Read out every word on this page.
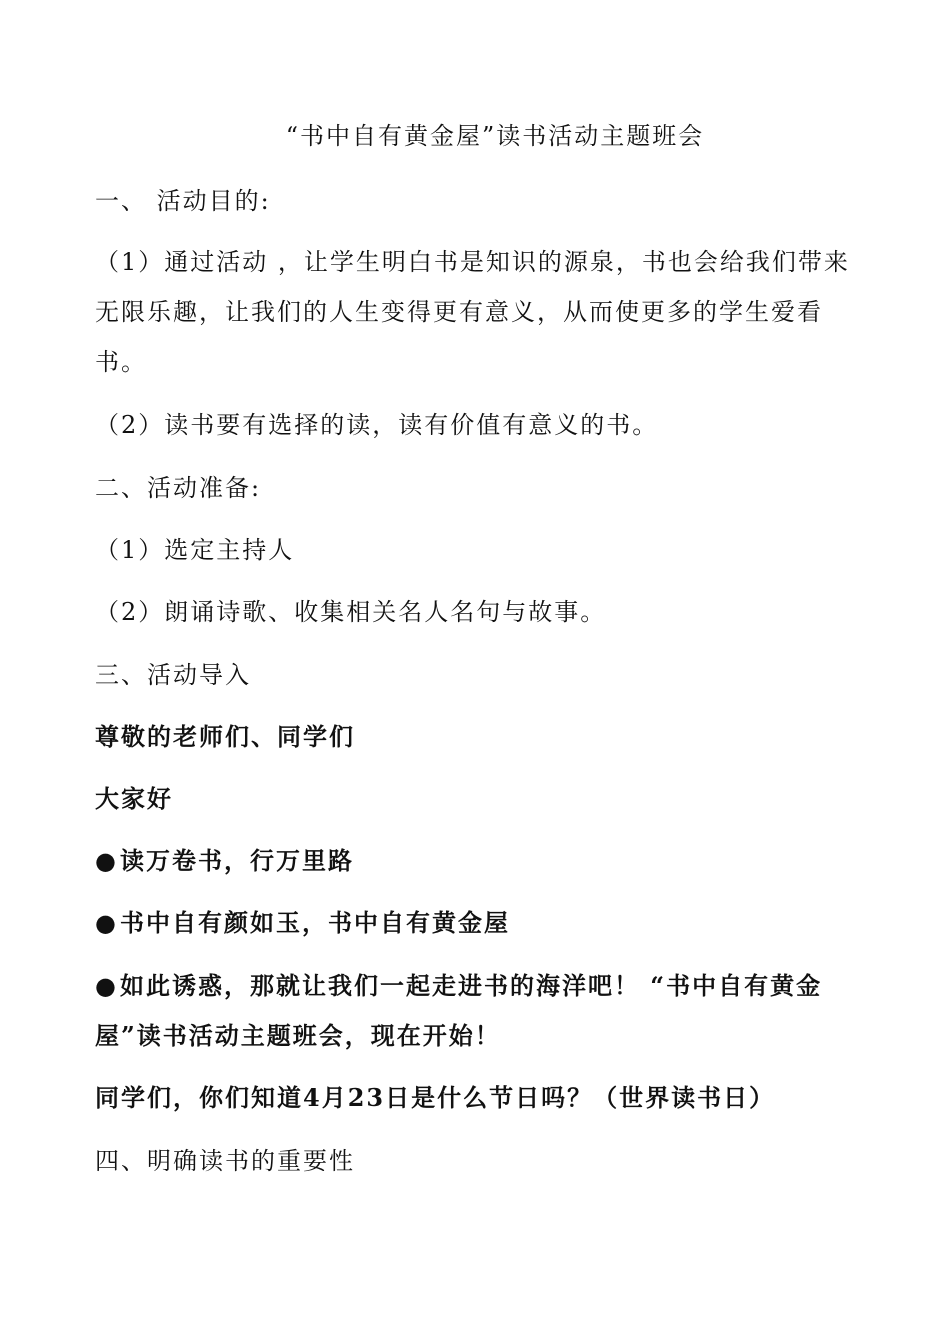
“书中自有黄金屋”读书活动主题班会

一、 活动目的:

（1）通过活动 ，让学生明白书是知识的源泉，书也会给我们带来

无限乐趣，让我们的人生变得更有意义，从而使更多的学生爱看

书。

（2）读书要有选择的读，读有价值有意义的书。

二、活动准备:

（1）选定主持人

（2）朗诵诗歌、收集相关名人名句与故事。

三、活动导入

尊敬的老师们、同学们

大家好

● 读万卷书，行万里路

● 书中自有颜如玉，书中自有黄金屋

● 如此诱惑，那就让我们一起走进书的海洋吧！ “书中自有黄金

屋”读书活动主题班会，现在开始！

同学们，你们知道4月23日是什么节日吗？（世界读书日）

四、明确读书的重要性
